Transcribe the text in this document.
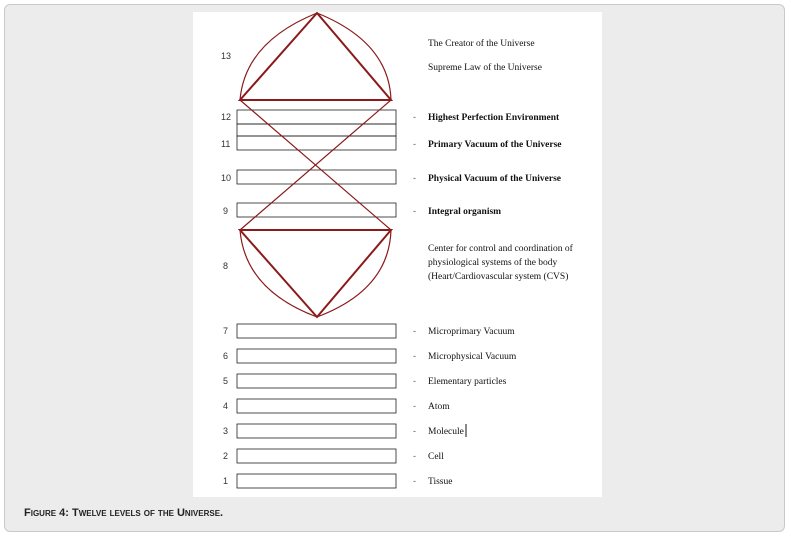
13
The Creator of the Universe
Supreme Law of the Universe
12	- Highest Perfection Environment
11	- Primary Vacuum of the Universe
10	- Physical Vacuum of the Universe
9	- Integral organism
8
Center for control and coordination of
physiological systems of the body
(Heart/Cardiovascular system (CVS)
7	- Microprimary Vacuum
6	- Microphysical Vacuum
5	- Elementary particles
4	- Atom
3	- Molecule
2	- Cell
1	- Tissue
Figure 4: Twelve levels of the Universe.
